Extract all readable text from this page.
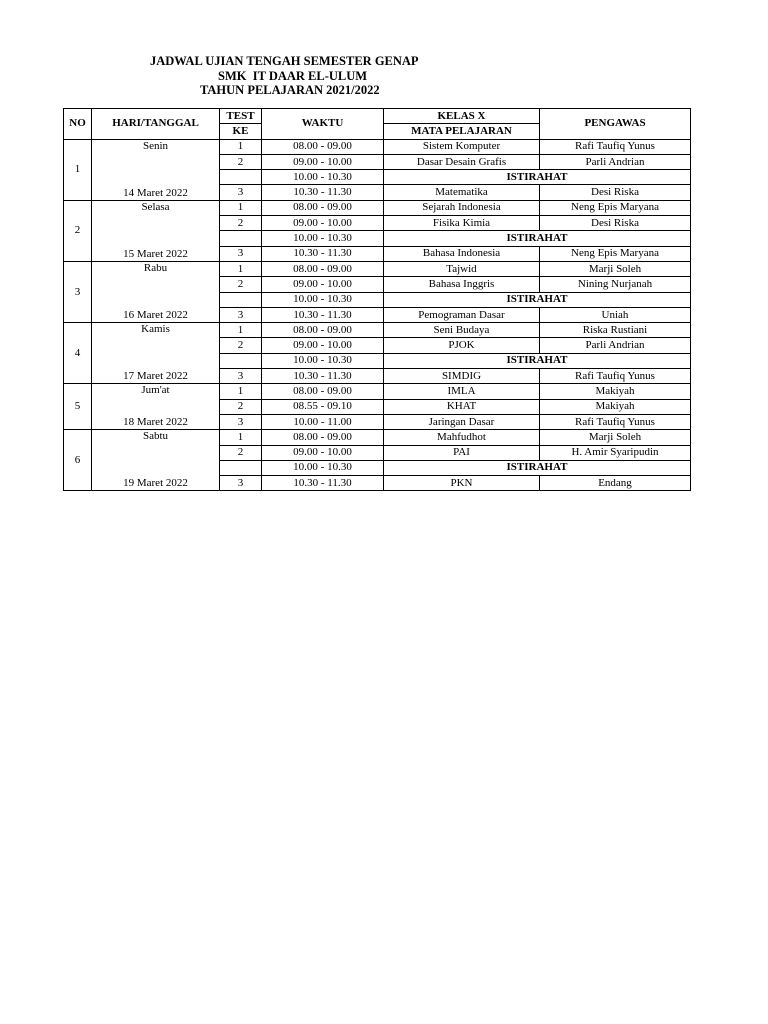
JADWAL UJIAN TENGAH SEMESTER GENAP
SMK  IT DAAR EL-ULUM
TAHUN PELAJARAN 2021/2022
NO	HARI/TANGGAL	TEST	WAKTU	KELAS X	PENGAWAS
		KE		MATA PELAJARAN	
1	Senin
14 Maret 2022	1	08.00 - 09.00	Sistem Komputer	Rafi Taufiq Yunus
		2	09.00 - 10.00	Dasar Desain Grafis	Parli Andrian
			10.00 - 10.30	ISTIRAHAT	
		3	10.30 - 11.30	Matematika	Desi Riska
2	Selasa
15 Maret 2022	1	08.00 - 09.00	Sejarah Indonesia	Neng Epis Maryana
		2	09.00 - 10.00	Fisika Kimia	Desi Riska
			10.00 - 10.30	ISTIRAHAT	
		3	10.30 - 11.30	Bahasa Indonesia	Neng Epis Maryana
3	Rabu
16 Maret 2022	1	08.00 - 09.00	Tajwid	Marji Soleh
		2	09.00 - 10.00	Bahasa Inggris	Nining Nurjanah
			10.00 - 10.30	ISTIRAHAT	
		3	10.30 - 11.30	Pemograman Dasar	Uniah
4	Kamis
17 Maret 2022	1	08.00 - 09.00	Seni Budaya	Riska Rustiani
		2	09.00 - 10.00	PJOK	Parli Andrian
			10.00 - 10.30	ISTIRAHAT	
		3	10.30 - 11.30	SIMDIG	Rafi Taufiq Yunus
5	Jum'at
18 Maret 2022	1	08.00 - 09.00	IMLA	Makiyah
		2	08.55 - 09.10	KHAT	Makiyah
		3	10.00 - 11.00	Jaringan Dasar	Rafi Taufiq Yunus
6	Sabtu
19 Maret 2022	1	08.00 - 09.00	Mahfudhot	Marji Soleh
		2	09.00 - 10.00	PAI	H. Amir Syaripudin
			10.00 - 10.30	ISTIRAHAT	
		3	10.30 - 11.30	PKN	Endang
